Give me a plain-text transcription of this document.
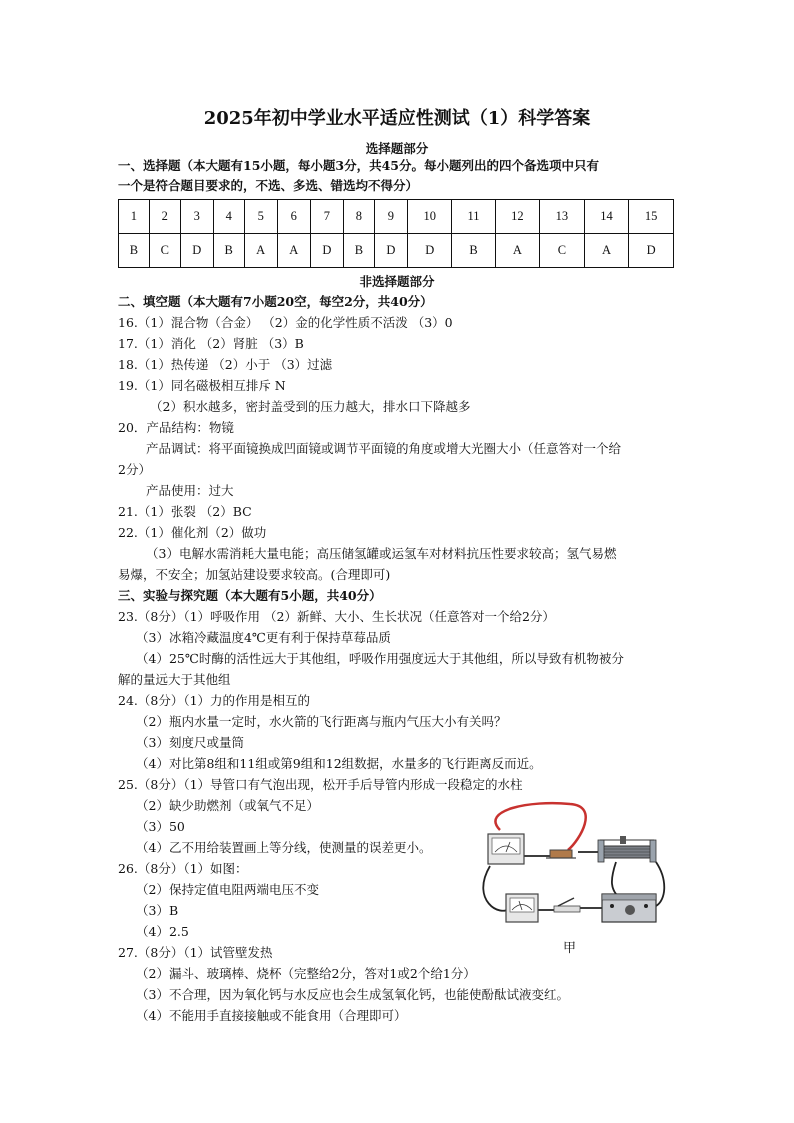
2025年初中学业水平适应性测试（1）科学答案
选择题部分
一、选择题（本大题有15小题，每小题3分，共45分。每小题列出的四个备选项中只有
一个是符合题目要求的，不选、多选、错选均不得分）
1	2	3	4	5	6	7	8	9	10	11	12	13	14	15
B	C	D	B	A	A	D	B	D	D	B	A	C	A	D
非选择题部分
二、填空题（本大题有7小题20空，每空2分，共40分）
16.（1）混合物（合金） （2）金的化学性质不活泼 （3）0
17.（1）消化 （2）肾脏 （3）B
18.（1）热传递 （2）小于 （3）过滤
19.（1）同名磁极相互排斥 N
（2）积水越多，密封盖受到的压力越大，排水口下降越多
20．产品结构：物镜
产品调试：将平面镜换成凹面镜或调节平面镜的角度或增大光圈大小（任意答对一个给
2分）
产品使用：过大
21.（1）张裂 （2）BC
22.（1）催化剂（2）做功
（3）电解水需消耗大量电能；高压储氢罐或运氢车对材料抗压性要求较高；氢气易燃
易爆，不安全；加氢站建设要求较高。(合理即可)
三、实验与探究题（本大题有5小题，共40分）
23.（8分）（1）呼吸作用 （2）新鲜、大小、生长状况（任意答对一个给2分）
（3）冰箱冷藏温度4℃更有利于保持草莓品质
（4）25℃时酶的活性远大于其他组，呼吸作用强度远大于其他组，所以导致有机物被分
解的量远大于其他组
24.（8分）（1）力的作用是相互的
（2）瓶内水量一定时，水火箭的飞行距离与瓶内气压大小有关吗？
（3）刻度尺或量筒
（4）对比第8组和11组或第9组和12组数据，水量多的飞行距离反而近。
25.（8分）（1）导管口有气泡出现，松开手后导管内形成一段稳定的水柱
（2）缺少助燃剂（或氧气不足）
（3）50
（4）乙不用给装置画上等分线，使测量的误差更小。
26.（8分）（1）如图：
（2）保持定值电阻两端电压不变
（3）B
（4）2.5
27.（8分）（1）试管壁发热
（2）漏斗、玻璃棒、烧杯（完整给2分，答对1或2个给1分）
（3）不合理，因为氧化钙与水反应也会生成氢氧化钙，也能使酚酞试液变红。
（4）不能用手直接接触或不能食用（合理即可）
甲
